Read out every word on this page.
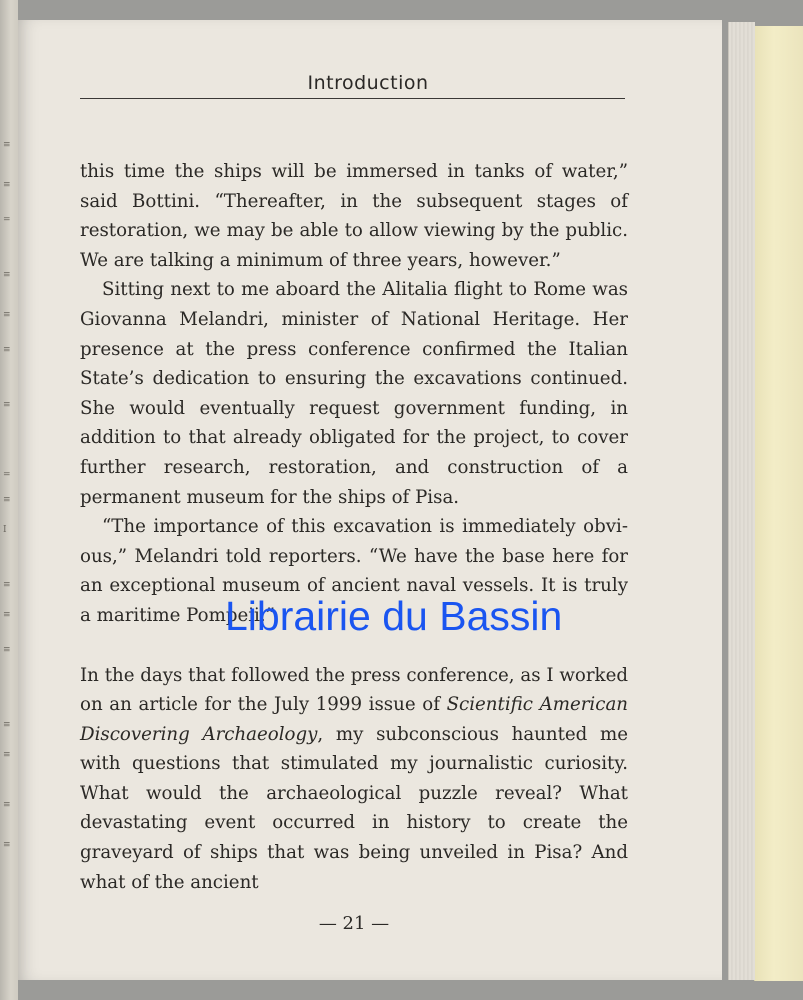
≡
≡
=
≡
≡
≡
≡
=
≡
I
≡
≡
≡
≡
≡
≡
≡
Introduction

this time the ships will be immersed in tanks of water,” said Bottini. “Thereafter, in the subsequent stages of restoration, we may be able to allow viewing by the public. We are talking a minimum of three years, however.”

Sitting next to me aboard the Alitalia flight to Rome was Giovanna Melandri, minister of National Heritage. Her presence at the press conference confirmed the Italian State’s dedication to ensuring the excavations continued. She would eventually request government funding, in addition to that already obligated for the project, to cover further research, restoration, and construction of a permanent museum for the ships of Pisa.

“The importance of this excavation is immediately obvious,” Melandri told reporters. “We have the base here for an exceptional museum of ancient naval vessels. It is truly a maritime Pompeii.”

In the days that followed the press conference, as I worked on an article for the July 1999 issue of Scientific American Discovering Archaeology, my subconscious haunted me with questions that stimulated my journalistic curiosity. What would the archaeological puzzle reveal? What devastating event occurred in history to create the graveyard of ships that was being unveiled in Pisa? And what of the ancient

— 21 —
Librairie du Bassin
